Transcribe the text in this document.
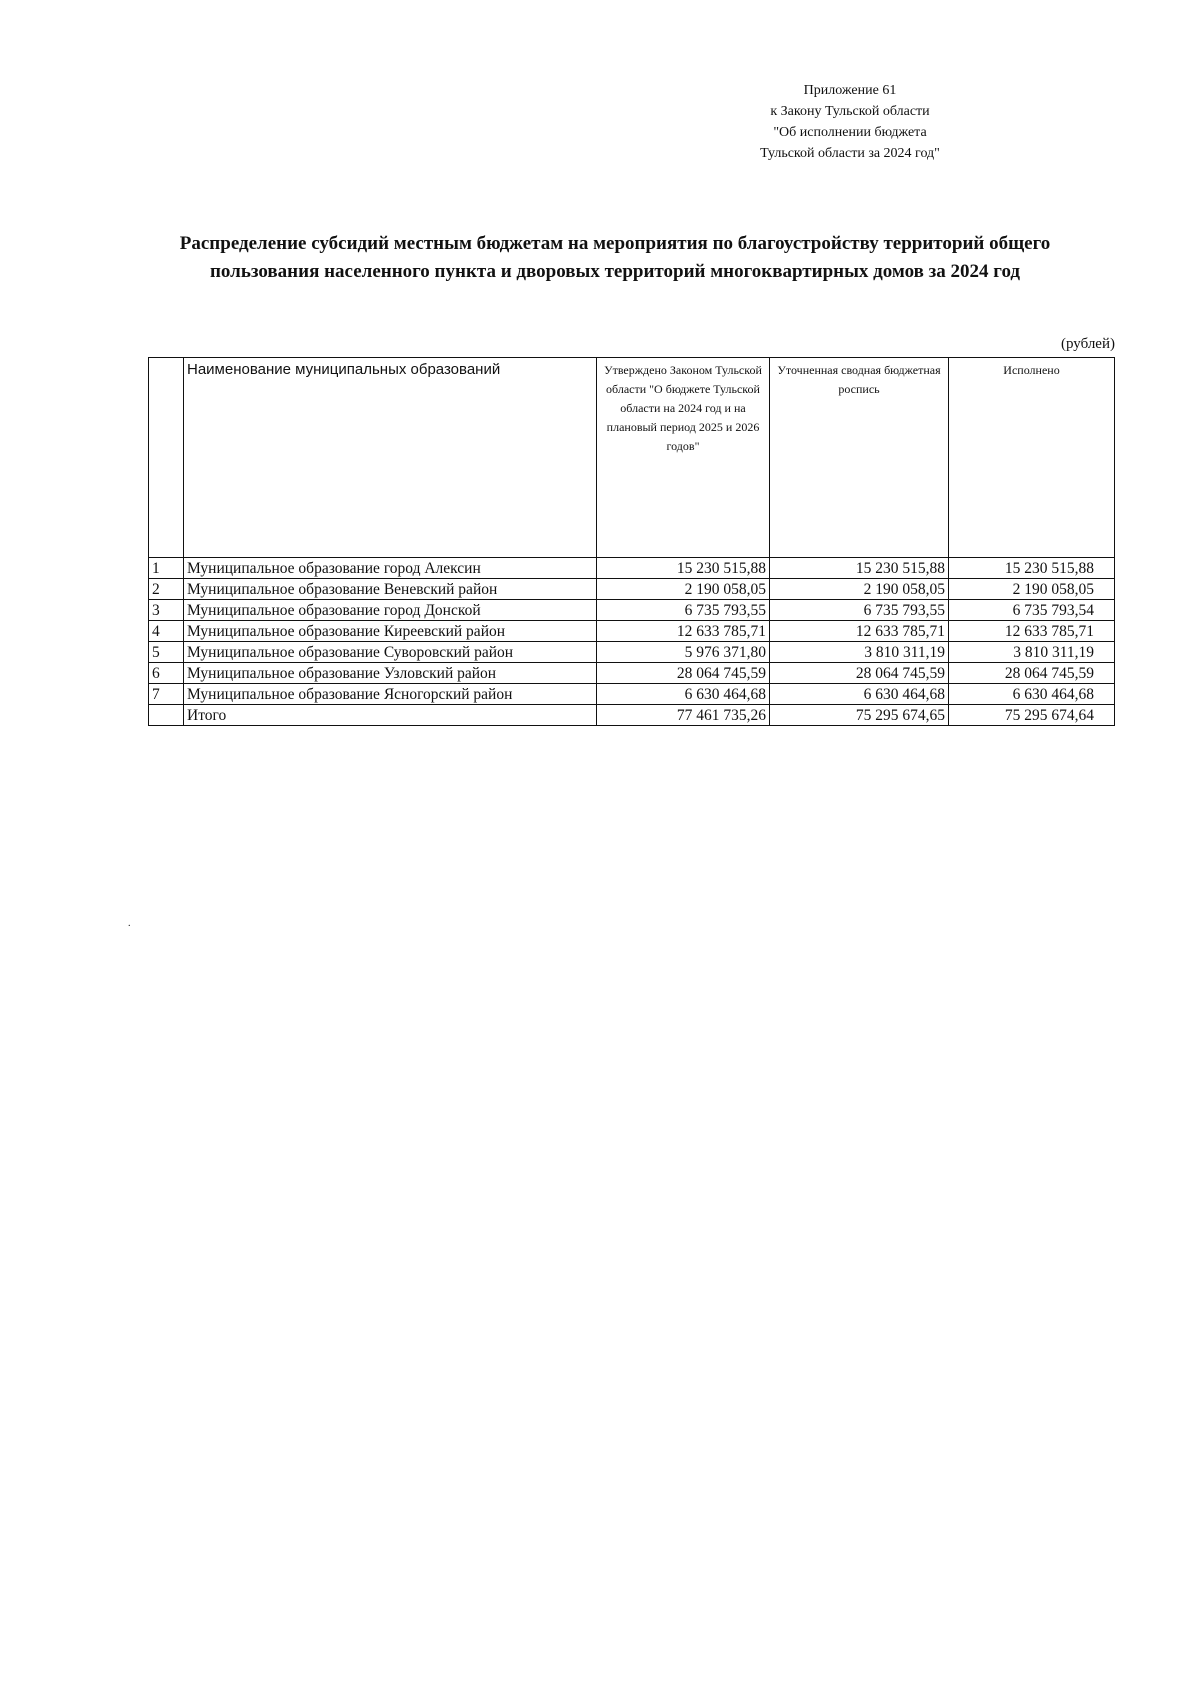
Приложение 61
к Закону Тульской области
"Об исполнении бюджета
Тульской области за 2024 год"
Распределение субсидий местным бюджетам на мероприятия по благоустройству территорий общего пользования населенного пункта и дворовых территорий многоквартирных домов за 2024 год
(рублей)
	Наименование муниципальных образований	Утверждено Законом Тульской области "О бюджете Тульской области на 2024 год и на плановый период 2025 и 2026 годов"	Уточненная сводная бюджетная роспись	Исполнено
1	Муниципальное образование город Алексин	15 230 515,88	15 230 515,88	15 230 515,88
2	Муниципальное образование Веневский район	2 190 058,05	2 190 058,05	2 190 058,05
3	Муниципальное образование город Донской	6 735 793,55	6 735 793,55	6 735 793,54
4	Муниципальное образование Киреевский район	12 633 785,71	12 633 785,71	12 633 785,71
5	Муниципальное образование Суворовский район	5 976 371,80	3 810 311,19	3 810 311,19
6	Муниципальное образование Узловский район	28 064 745,59	28 064 745,59	28 064 745,59
7	Муниципальное образование Ясногорский район	6 630 464,68	6 630 464,68	6 630 464,68
	Итого	77 461 735,26	75 295 674,65	75 295 674,64
.
